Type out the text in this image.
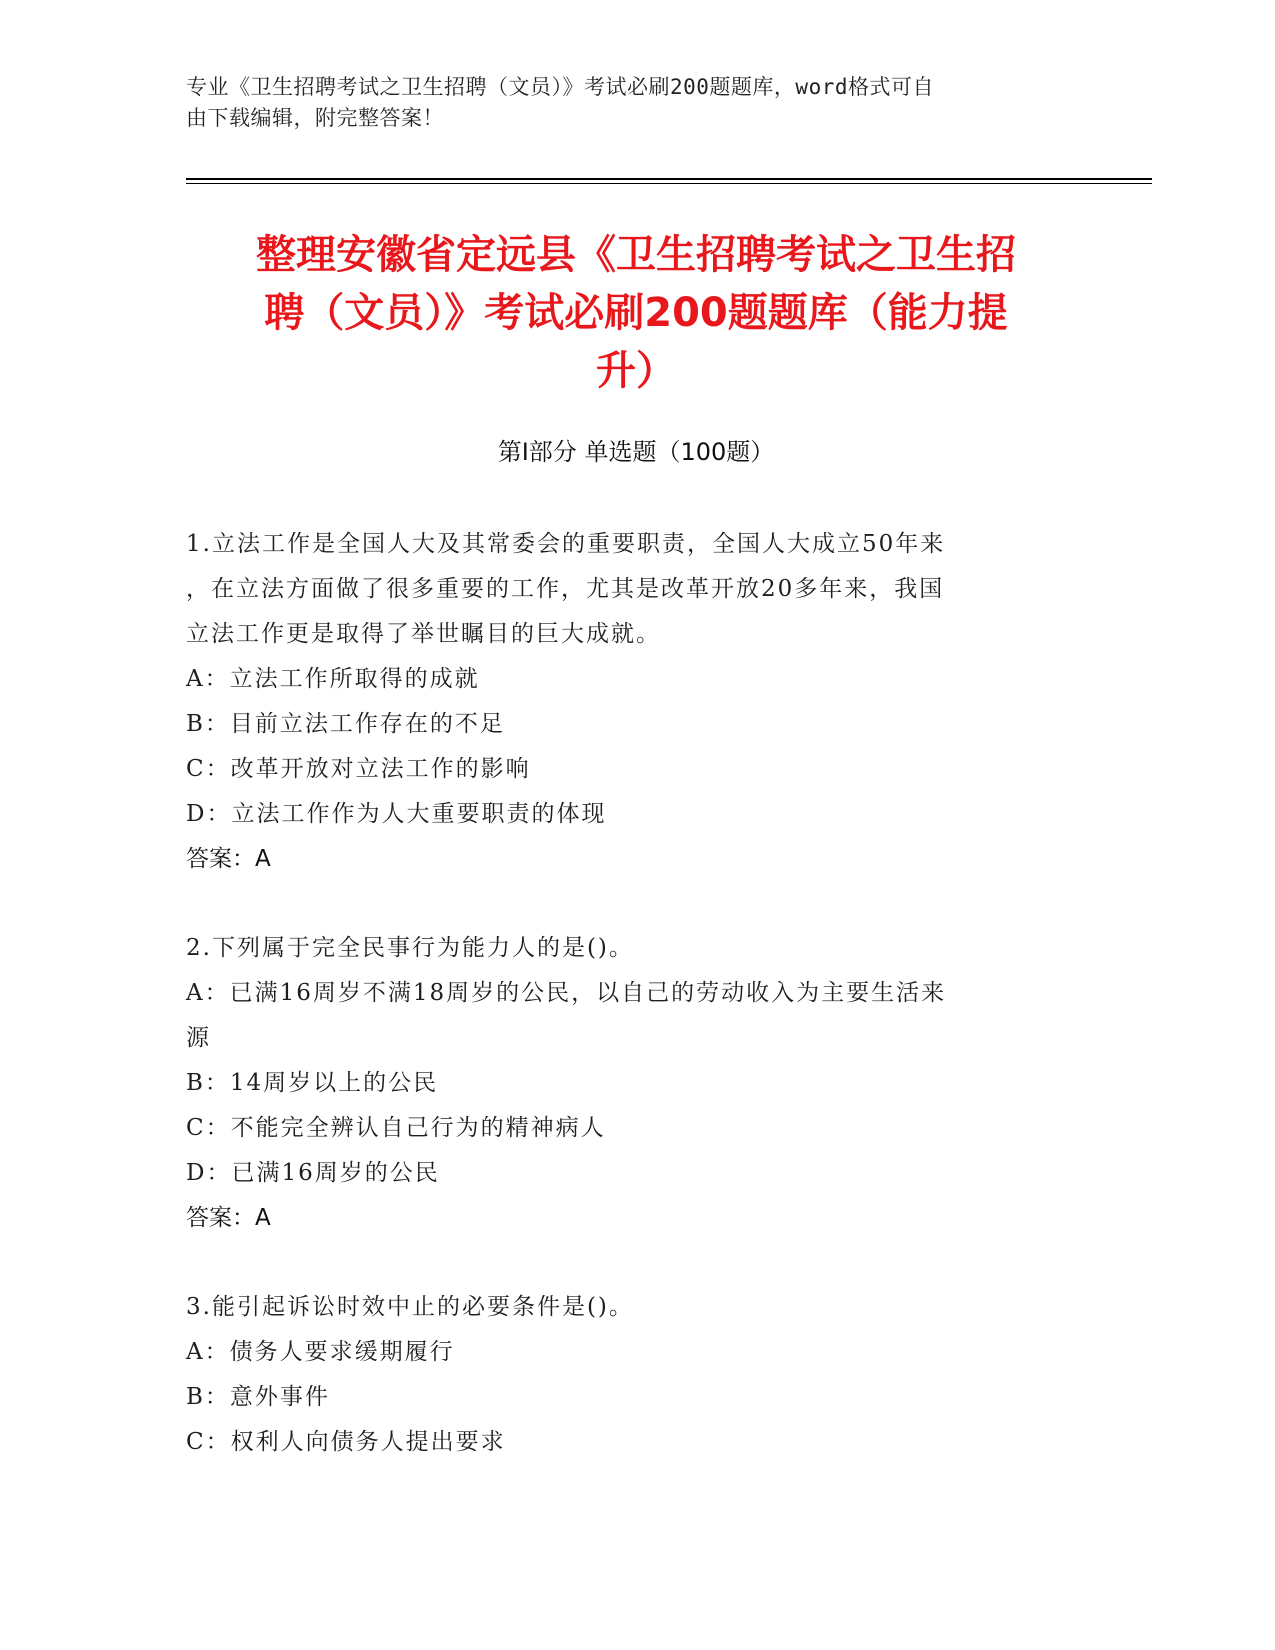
专业《卫生招聘考试之卫生招聘（文员）》考试必刷200题题库，word格式可自
由下载编辑，附完整答案！
整理安徽省定远县《卫生招聘考试之卫生招
聘（文员）》考试必刷200题题库（能力提
升）
第Ⅰ部分 单选题（100题）

1.立法工作是全国人大及其常委会的重要职责，全国人大成立50年来

，在立法方面做了很多重要的工作，尤其是改革开放20多年来，我国

立法工作更是取得了举世瞩目的巨大成就。

A：立法工作所取得的成就

B：目前立法工作存在的不足

C：改革开放对立法工作的影响

D：立法工作作为人大重要职责的体现

答案：A

2.下列属于完全民事行为能力人的是()。

A：已满16周岁不满18周岁的公民，以自己的劳动收入为主要生活来

源

B：14周岁以上的公民

C：不能完全辨认自己行为的精神病人

D：已满16周岁的公民

答案：A

3.能引起诉讼时效中止的必要条件是()。

A：债务人要求缓期履行

B：意外事件

C：权利人向债务人提出要求
